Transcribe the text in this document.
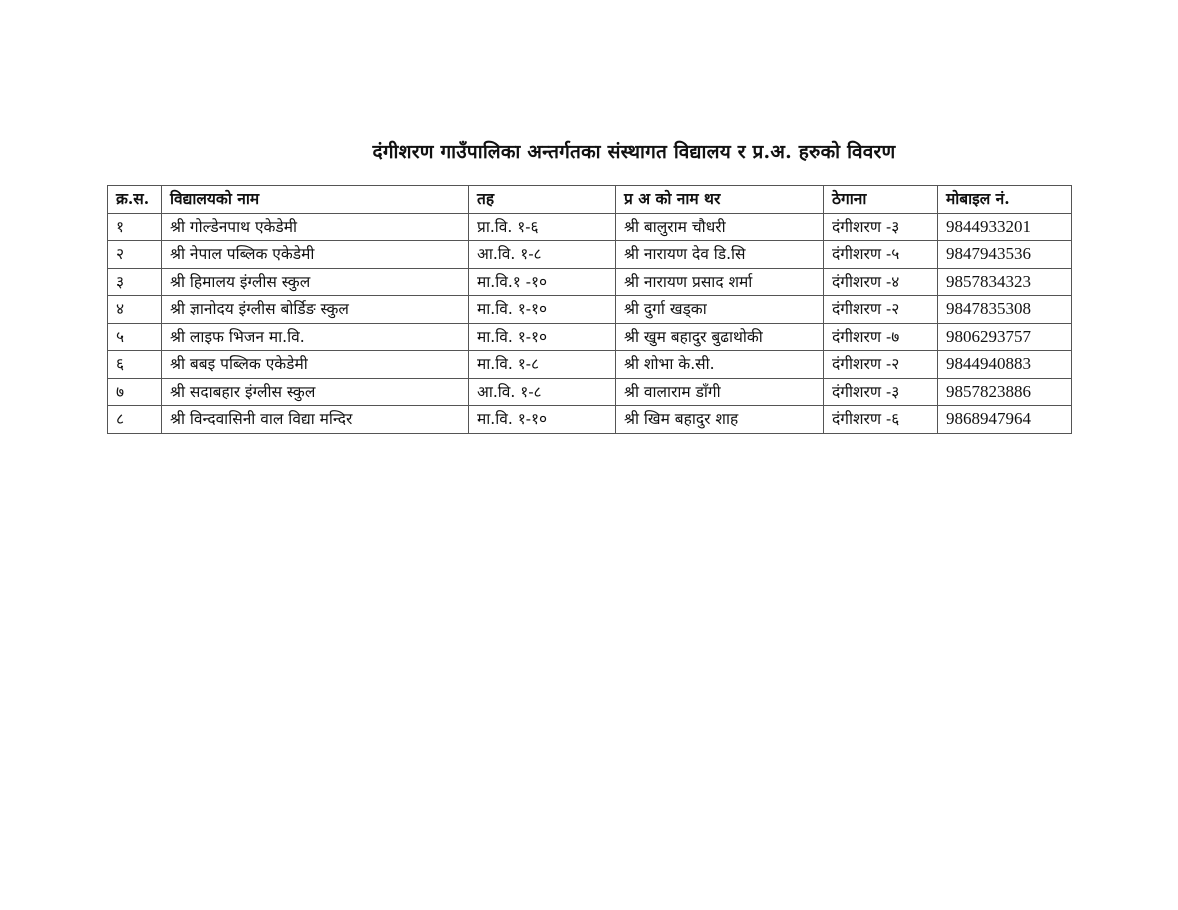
दंगीशरण गाउँपालिका अन्तर्गतका संस्थागत विद्यालय र प्र.अ. हरुको विवरण
क्र.स.	विद्यालयको नाम	तह	प्र अ को नाम थर	ठेगाना	मोबाइल नं.
१	श्री गोल्डेनपाथ एकेडेमी	प्रा.वि. १-६	श्री बालुराम चौधरी	दंगीशरण -३	9844933201
२	श्री नेपाल पब्लिक एकेडेमी	आ.वि. १-८	श्री नारायण देव डि.सि	दंगीशरण -५	9847943536
३	श्री हिमालय इंग्लीस स्कुल	मा.वि.१ -१०	श्री नारायण प्रसाद शर्मा	दंगीशरण -४	9857834323
४	श्री ज्ञानोदय इंग्लीस बोर्डिङ स्कुल	मा.वि. १-१०	श्री दुर्गा खड्का	दंगीशरण -२	9847835308
५	श्री लाइफ भिजन मा.वि.	मा.वि. १-१०	श्री खुम बहादुर बुढाथोकी	दंगीशरण -७	9806293757
६	श्री बबइ पब्लिक एकेडेमी	मा.वि. १-८	श्री शोभा के.सी.	दंगीशरण -२	9844940883
७	श्री सदाबहार इंग्लीस स्कुल	आ.वि. १-८	श्री वालाराम डाँगी	दंगीशरण -३	9857823886
८	श्री विन्दवासिनी वाल विद्या मन्दिर	मा.वि. १-१०	श्री खिम बहादुर शाह	दंगीशरण -६	9868947964
